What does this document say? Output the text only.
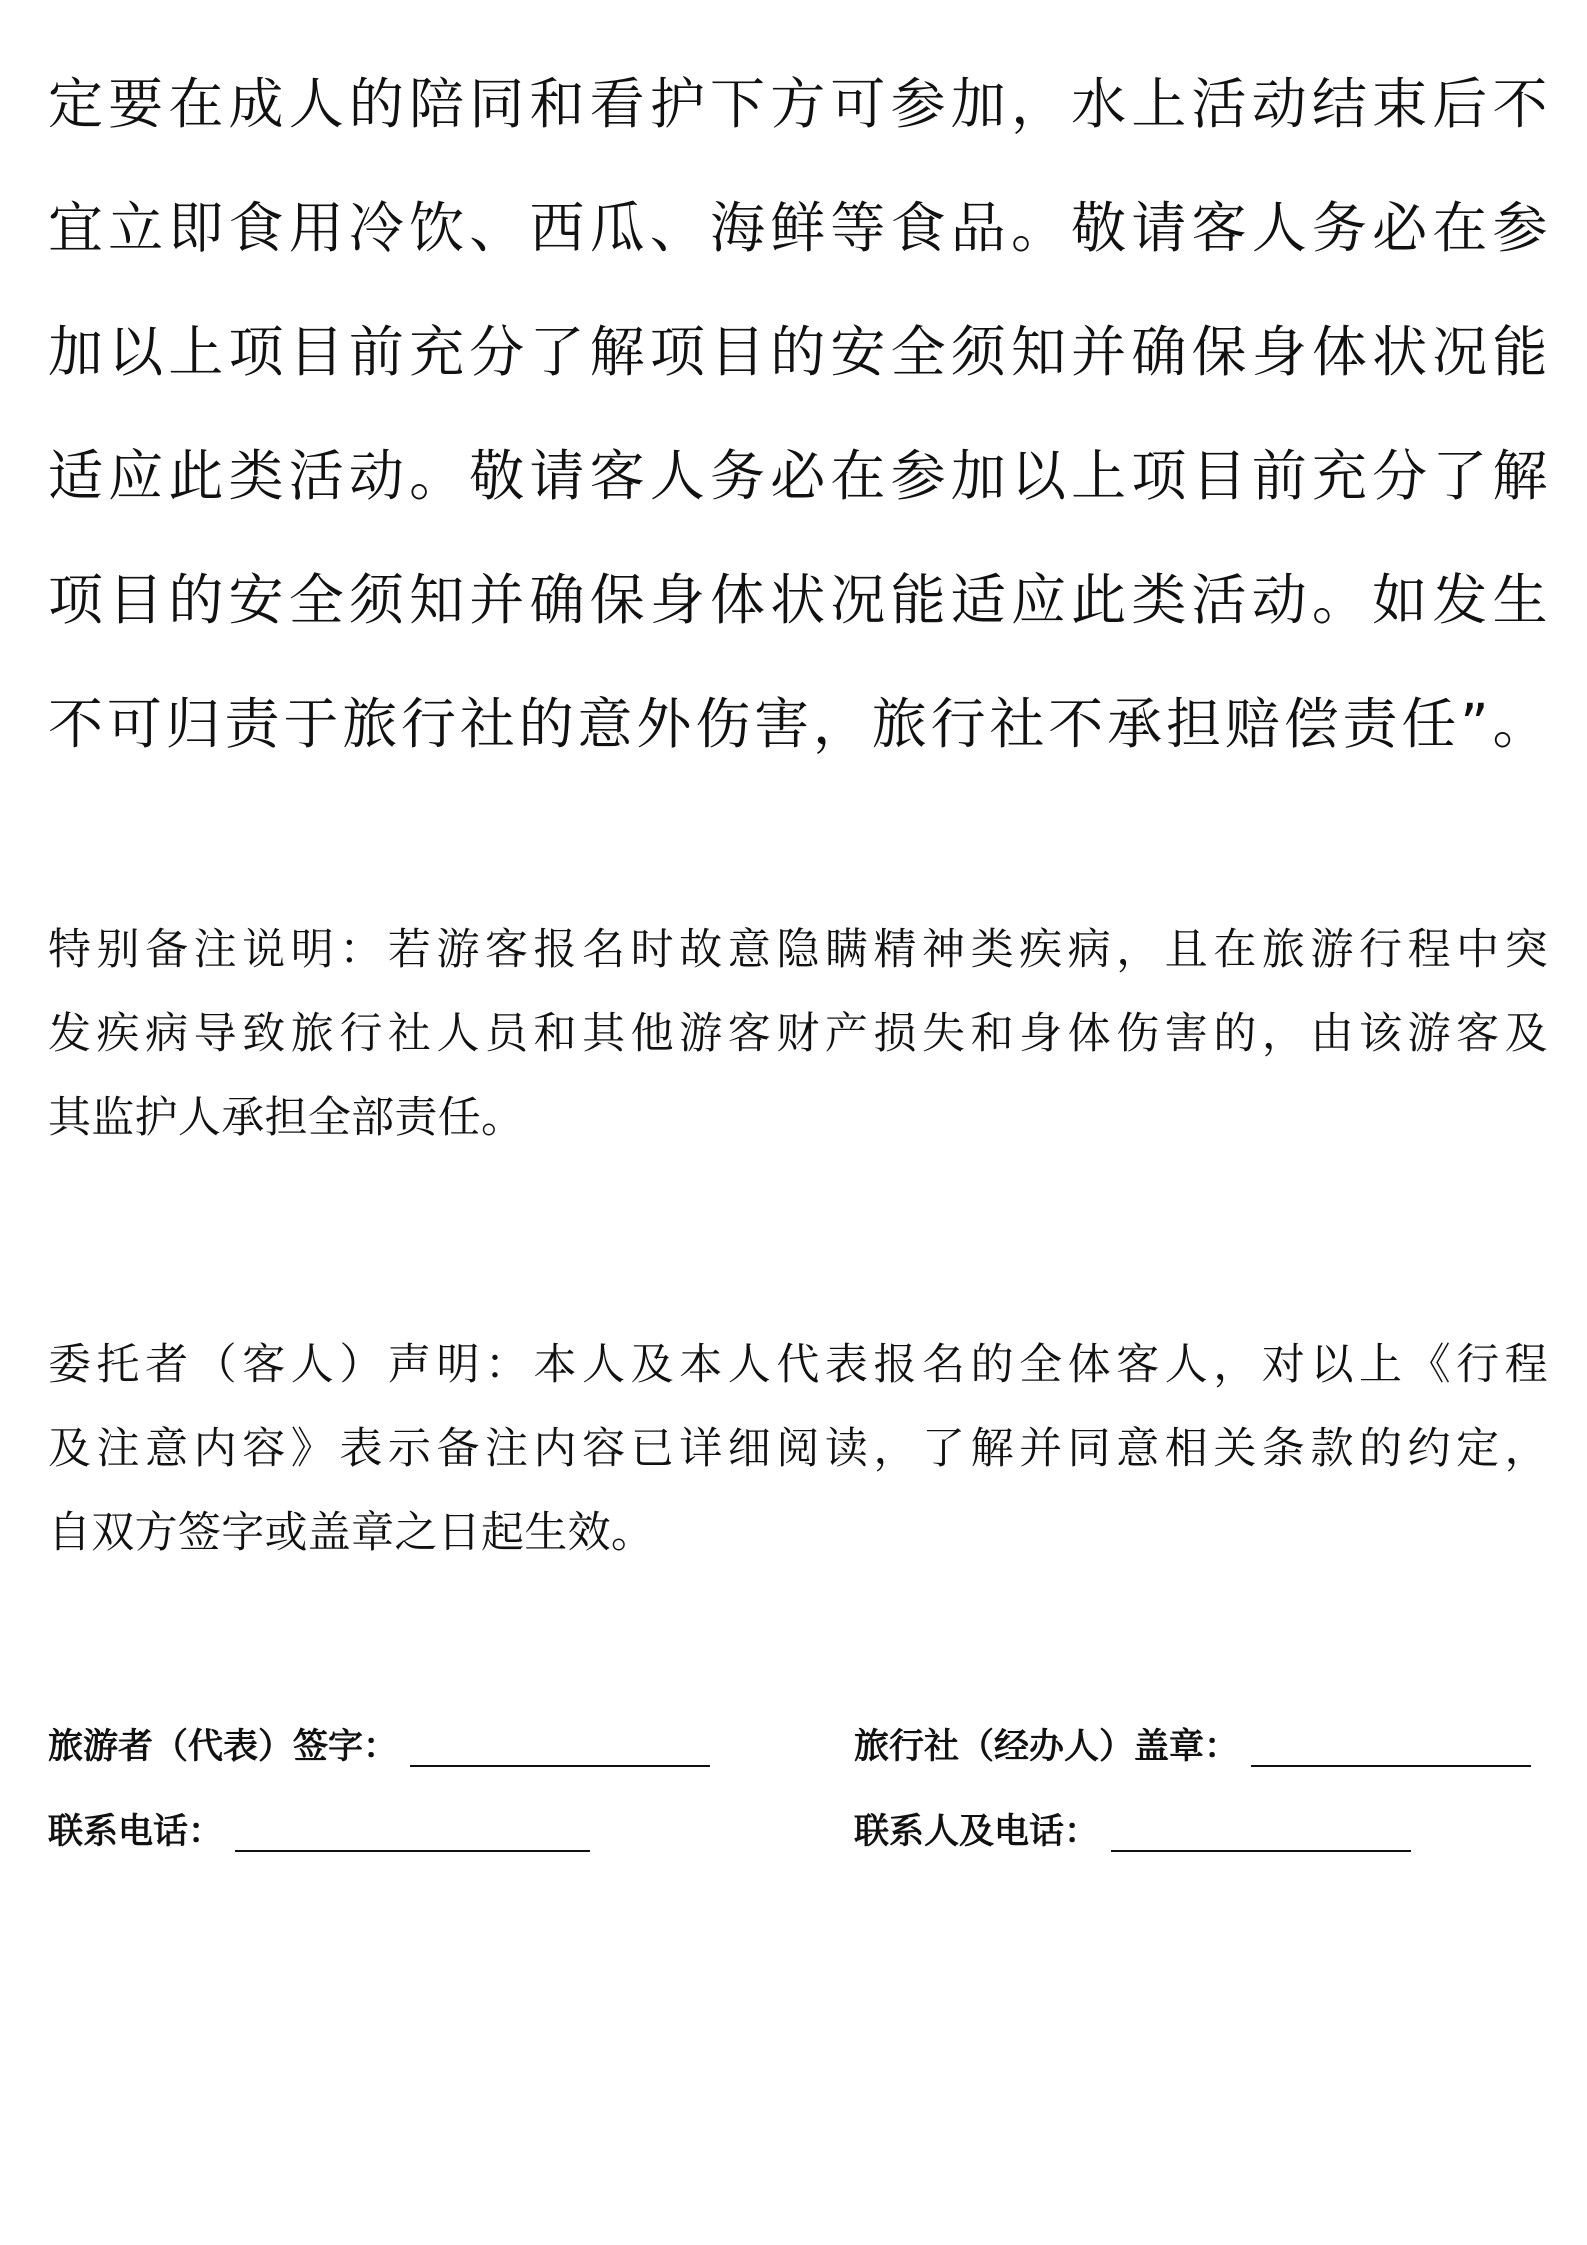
定要在成人的陪同和看护下方可参加，水上活动结束后不
宜立即食用冷饮、西瓜、海鲜等食品。敬请客人务必在参
加以上项目前充分了解项目的安全须知并确保身体状况能
适应此类活动。敬请客人务必在参加以上项目前充分了解
项目的安全须知并确保身体状况能适应此类活动。如发生
不可归责于旅行社的意外伤害，旅行社不承担赔偿责任”。
特别备注说明：若游客报名时故意隐瞒精神类疾病，且在旅游行程中突
发疾病导致旅行社人员和其他游客财产损失和身体伤害的，由该游客及
其监护人承担全部责任。
委托者（客人）声明：本人及本人代表报名的全体客人，对以上《行程
及注意内容》表示备注内容已详细阅读，了解并同意相关条款的约定，
自双方签字或盖章之日起生效。
旅游者（代表）签字：	旅行社（经办人）盖章：
联系电话：	联系人及电话：
